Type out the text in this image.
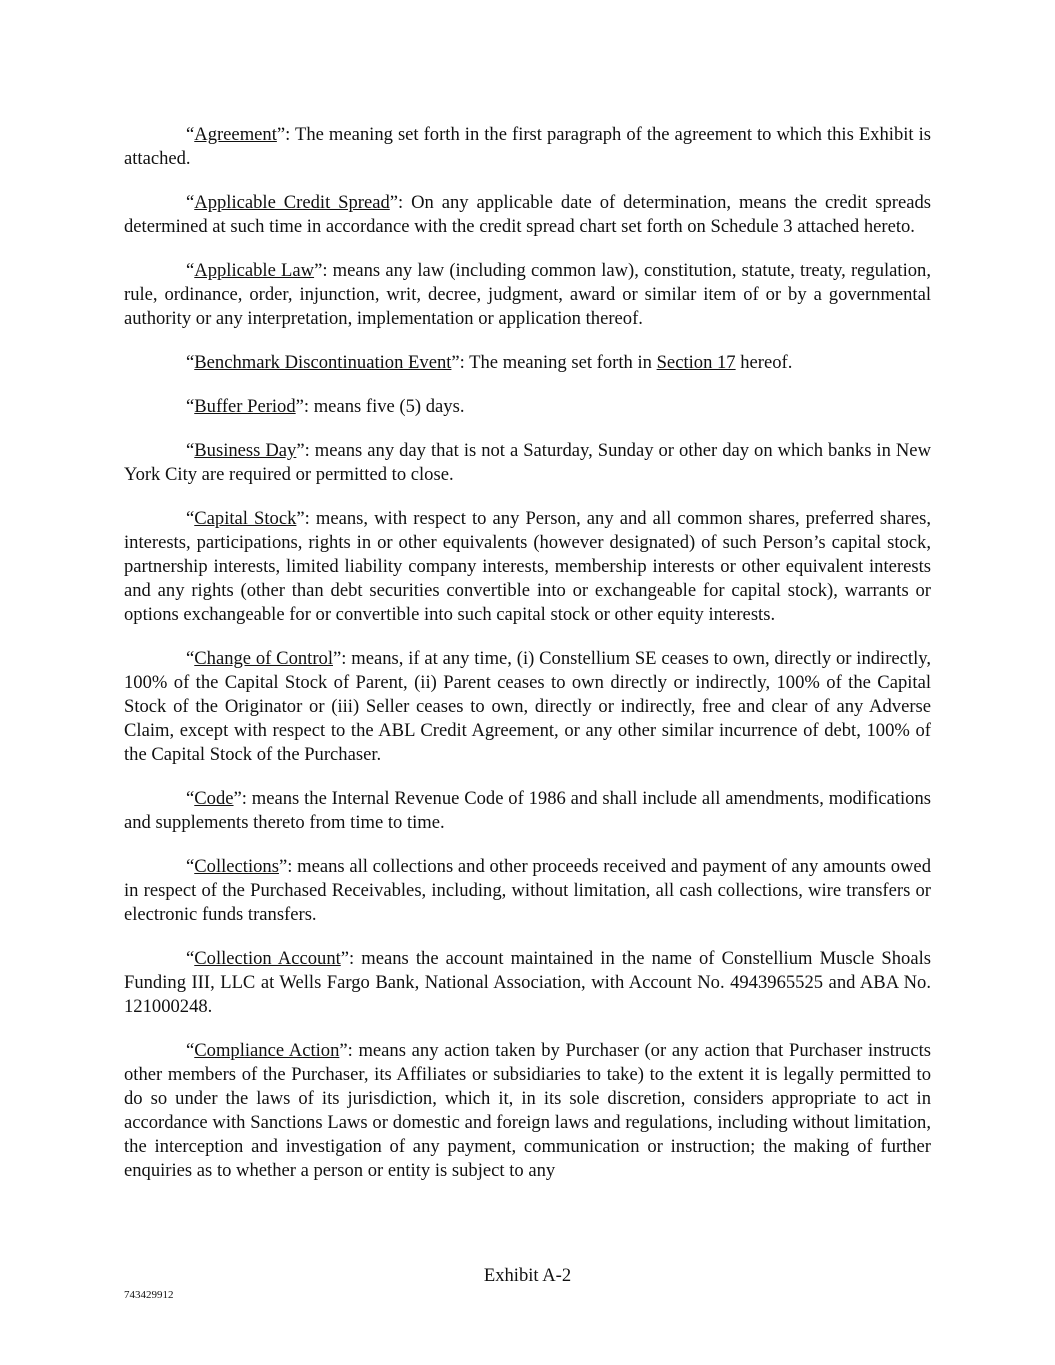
“Agreement”: The meaning set forth in the first paragraph of the agreement to which this Exhibit is attached.

“Applicable Credit Spread”: On any applicable date of determination, means the credit spreads determined at such time in accordance with the credit spread chart set forth on Schedule 3 attached hereto.

“Applicable Law”: means any law (including common law), constitution, statute, treaty, regulation, rule, ordinance, order, injunction, writ, decree, judgment, award or similar item of or by a governmental authority or any interpretation, implementation or application thereof.

“Benchmark Discontinuation Event”: The meaning set forth in Section 17 hereof.

“Buffer Period”: means five (5) days.

“Business Day”: means any day that is not a Saturday, Sunday or other day on which banks in New York City are required or permitted to close.

“Capital Stock”: means, with respect to any Person, any and all common shares, preferred shares, interests, participations, rights in or other equivalents (however designated) of such Person’s capital stock, partnership interests, limited liability company interests, membership interests or other equivalent interests and any rights (other than debt securities convertible into or exchangeable for capital stock), warrants or options exchangeable for or convertible into such capital stock or other equity interests.

“Change of Control”: means, if at any time, (i) Constellium SE ceases to own, directly or indirectly, 100% of the Capital Stock of Parent, (ii) Parent ceases to own directly or indirectly, 100% of the Capital Stock of the Originator or (iii) Seller ceases to own, directly or indirectly, free and clear of any Adverse Claim, except with respect to the ABL Credit Agreement, or any other similar incurrence of debt, 100% of the Capital Stock of the Purchaser.

“Code”: means the Internal Revenue Code of 1986 and shall include all amendments, modifications and supplements thereto from time to time.

“Collections”: means all collections and other proceeds received and payment of any amounts owed in respect of the Purchased Receivables, including, without limitation, all cash collections, wire transfers or electronic funds transfers.

“Collection Account”: means the account maintained in the name of Constellium Muscle Shoals Funding III, LLC at Wells Fargo Bank, National Association, with Account No. 4943965525 and ABA No. 121000248.

“Compliance Action”: means any action taken by Purchaser (or any action that Purchaser instructs other members of the Purchaser, its Affiliates or subsidiaries to take) to the extent it is legally permitted to do so under the laws of its jurisdiction, which it, in its sole discretion, considers appropriate to act in accordance with Sanctions Laws or domestic and foreign laws and regulations, including without limitation, the interception and investigation of any payment, communication or instruction; the making of further enquiries as to whether a person or entity is subject to any

Exhibit A-2
743429912
